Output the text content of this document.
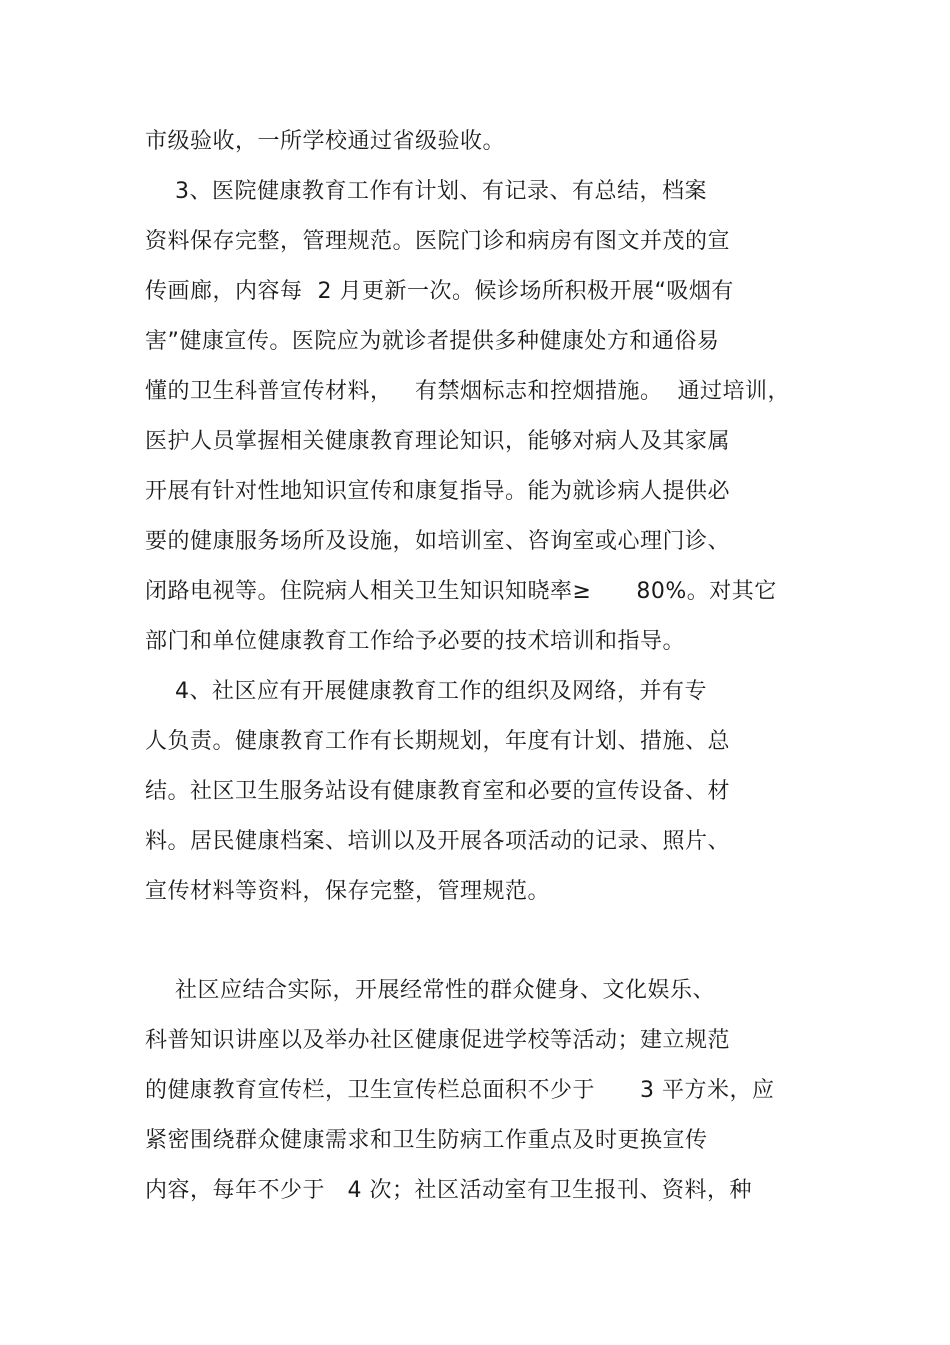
市级验收，一所学校通过省级验收。
3、医院健康教育工作有计划、有记录、有总结，档案
资料保存完整，管理规范。医院门诊和病房有图文并茂的宣
传画廊，内容每  2 月更新一次。候诊场所积极开展“吸烟有
害”健康宣传。医院应为就诊者提供多种健康处方和通俗易
懂的卫生科普宣传材料，   有禁烟标志和控烟措施。  通过培训，
医护人员掌握相关健康教育理论知识，能够对病人及其家属
开展有针对性地知识宣传和康复指导。能为就诊病人提供必
要的健康服务场所及设施，如培训室、咨询室或心理门诊、
闭路电视等。住院病人相关卫生知识知晓率≥      80%。对其它
部门和单位健康教育工作给予必要的技术培训和指导。
4、社区应有开展健康教育工作的组织及网络，并有专
人负责。健康教育工作有长期规划，年度有计划、措施、总
结。社区卫生服务站设有健康教育室和必要的宣传设备、材
料。居民健康档案、培训以及开展各项活动的记录、照片、
宣传材料等资料，保存完整，管理规范。
社区应结合实际，开展经常性的群众健身、文化娱乐、
科普知识讲座以及举办社区健康促进学校等活动；建立规范
的健康教育宣传栏，卫生宣传栏总面积不少于      3 平方米，应
紧密围绕群众健康需求和卫生防病工作重点及时更换宣传
内容，每年不少于   4 次；社区活动室有卫生报刊、资料，种
